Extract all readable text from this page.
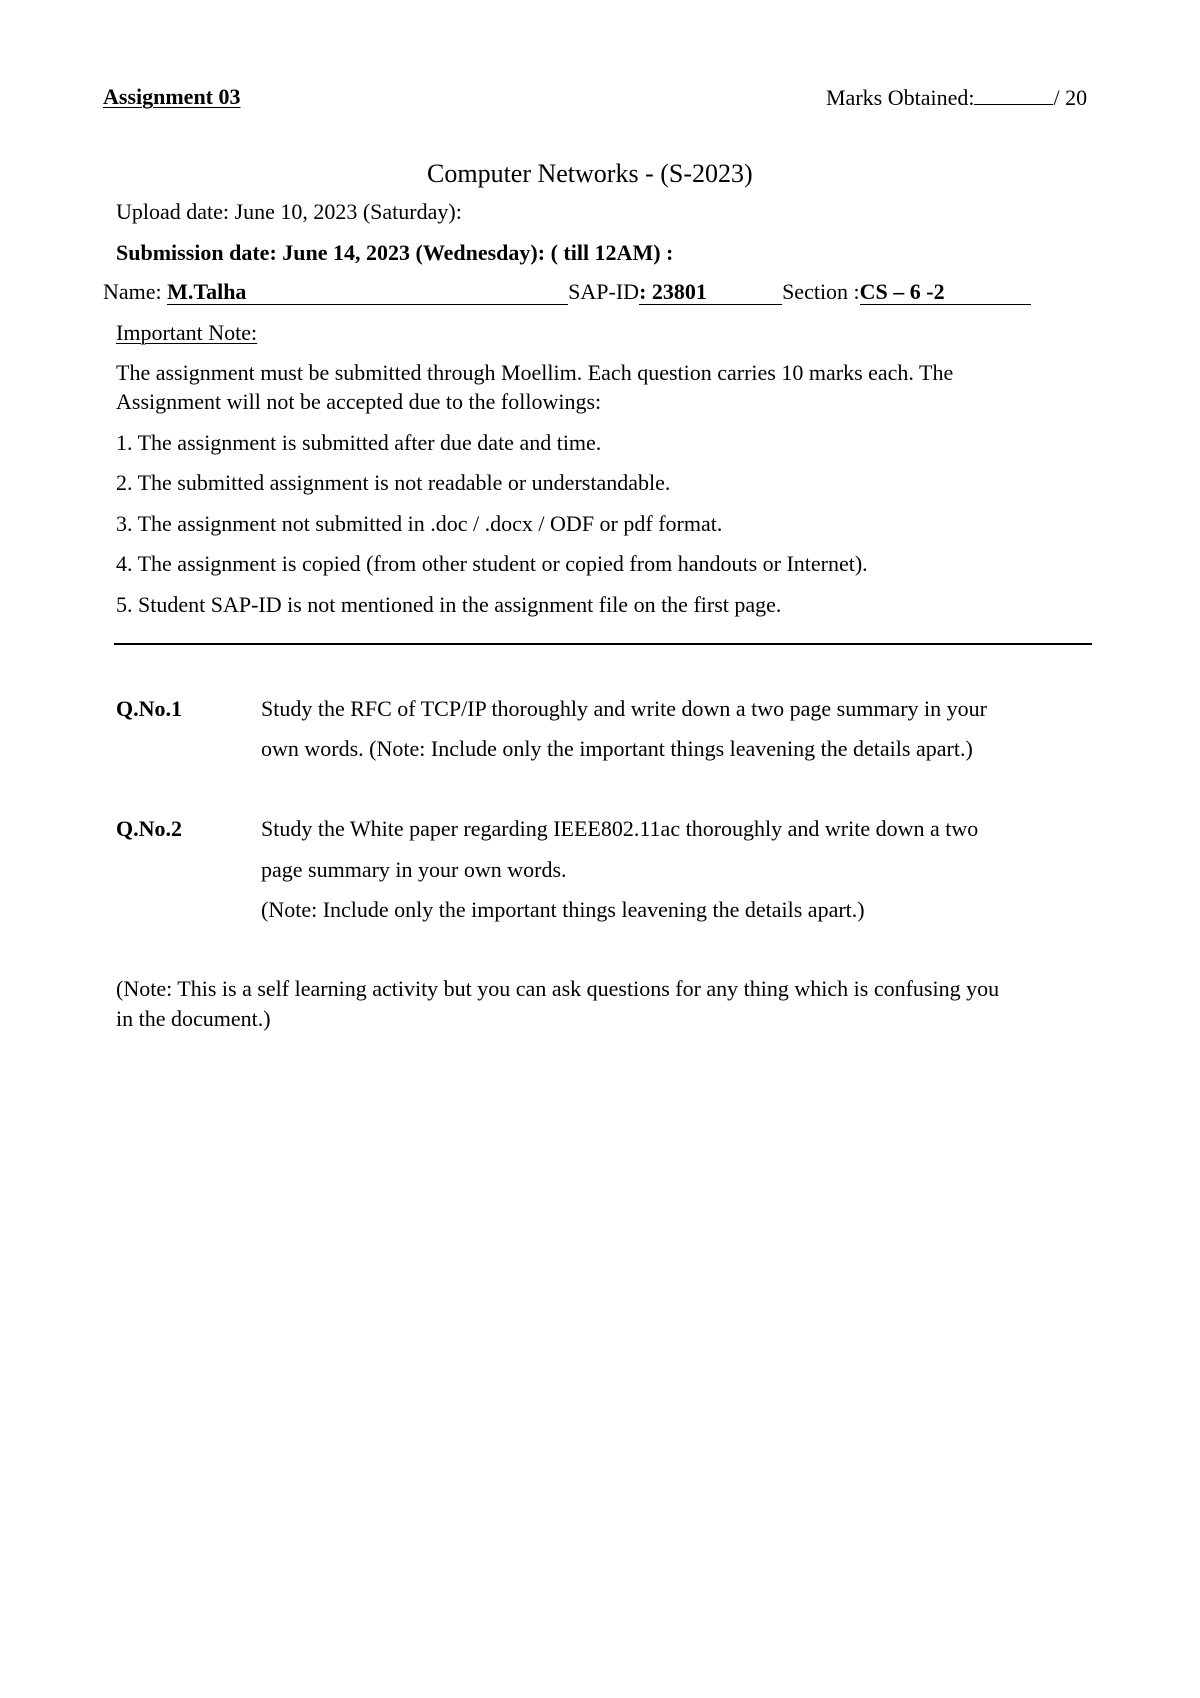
Assignment 03	Marks Obtained:	/ 20
Computer Networks - (S-2023)
Upload date: June 10, 2023 (Saturday):
Submission date: June 14, 2023 (Wednesday): ( till 12AM) :
Name: M.Talha	SAP-ID: 23801	Section :CS – 6 -2
Important Note:
The assignment must be submitted through Moellim. Each question carries 10 marks each. The
Assignment will not be accepted due to the followings:
1. The assignment is submitted after due date and time.
2. The submitted assignment is not readable or understandable.
3. The assignment not submitted in .doc / .docx / ODF or pdf format.
4. The assignment is copied (from other student or copied from handouts or Internet).
5. Student SAP-ID is not mentioned in the assignment file on the first page.
Q.No.1	Study the RFC of TCP/IP thoroughly and write down a two page summary in your
own words. (Note: Include only the important things leavening the details apart.)
Q.No.2	Study the White paper regarding IEEE802.11ac thoroughly and write down a two
page summary in your own words.
(Note: Include only the important things leavening the details apart.)
(Note: This is a self learning activity but you can ask questions for any thing which is confusing you
in the document.)
